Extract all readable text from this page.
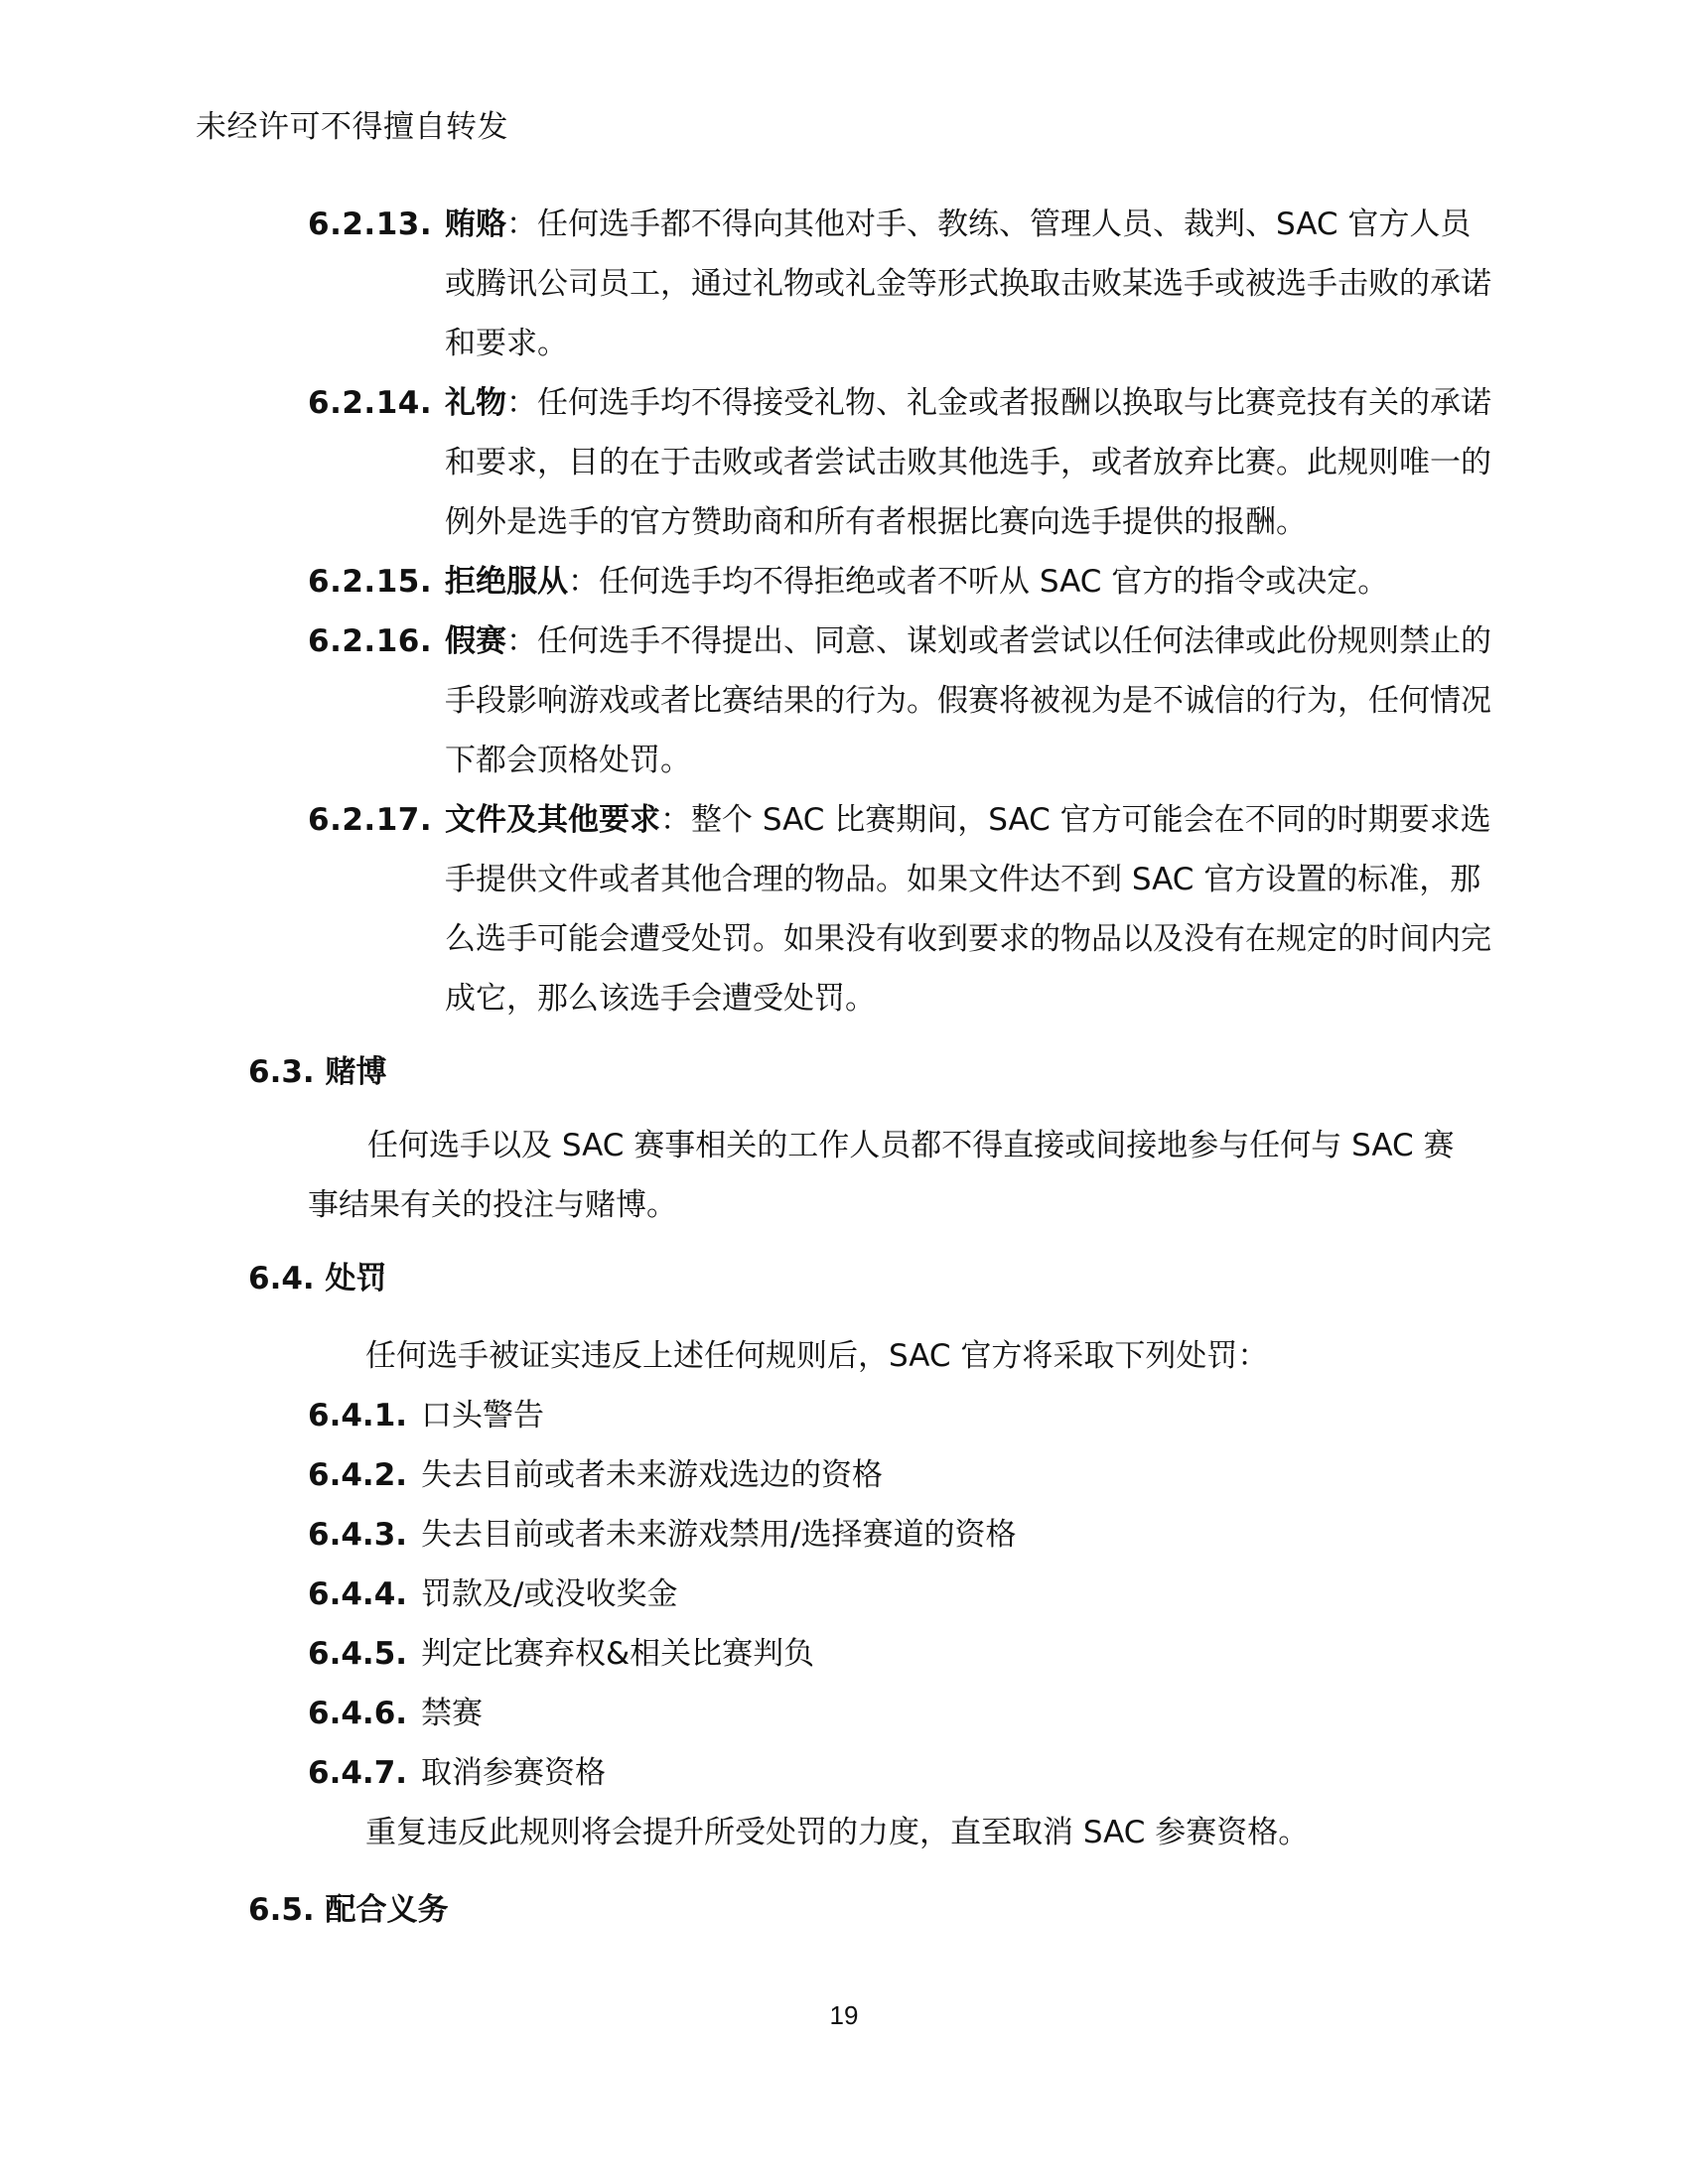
未经许可不得擅自转发
6.2.13. 贿赂：任何选手都不得向其他对手、教练、管理人员、裁判、SAC 官方人员或腾讯公司员工，通过礼物或礼金等形式换取击败某选手或被选手击败的承诺和要求。
6.2.14. 礼物：任何选手均不得接受礼物、礼金或者报酬以换取与比赛竞技有关的承诺和要求，目的在于击败或者尝试击败其他选手，或者放弃比赛。此规则唯一的例外是选手的官方赞助商和所有者根据比赛向选手提供的报酬。
6.2.15. 拒绝服从：任何选手均不得拒绝或者不听从 SAC 官方的指令或决定。
6.2.16. 假赛：任何选手不得提出、同意、谋划或者尝试以任何法律或此份规则禁止的手段影响游戏或者比赛结果的行为。假赛将被视为是不诚信的行为，任何情况下都会顶格处罚。
6.2.17. 文件及其他要求：整个 SAC 比赛期间，SAC 官方可能会在不同的时期要求选手提供文件或者其他合理的物品。如果文件达不到 SAC 官方设置的标准，那么选手可能会遭受处罚。如果没有收到要求的物品以及没有在规定的时间内完成它，那么该选手会遭受处罚。
6.3. 赌博
任何选手以及 SAC 赛事相关的工作人员都不得直接或间接地参与任何与 SAC 赛事结果有关的投注与赌博。
6.4. 处罚
任何选手被证实违反上述任何规则后，SAC 官方将采取下列处罚：
6.4.1. 口头警告
6.4.2. 失去目前或者未来游戏选边的资格
6.4.3. 失去目前或者未来游戏禁用/选择赛道的资格
6.4.4. 罚款及/或没收奖金
6.4.5. 判定比赛弃权&相关比赛判负
6.4.6. 禁赛
6.4.7. 取消参赛资格
重复违反此规则将会提升所受处罚的力度，直至取消 SAC 参赛资格。
6.5. 配合义务
19
